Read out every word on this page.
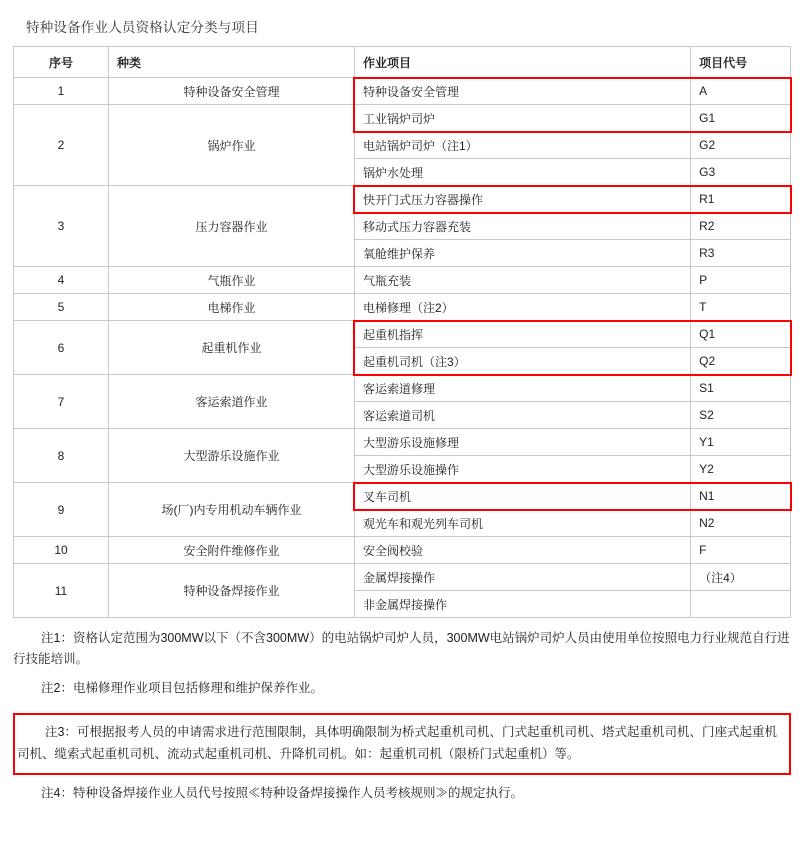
特种设备作业人员资格认定分类与项目
序号	种类	作业项目	项目代号
1	特种设备安全管理	特种设备安全管理	A
2	锅炉作业	工业锅炉司炉	G1
		电站锅炉司炉（注1）	G2
		锅炉水处理	G3
3	压力容器作业	快开门式压力容器操作	R1
		移动式压力容器充装	R2
		氧舱维护保养	R3
4	气瓶作业	气瓶充装	P
5	电梯作业	电梯修理（注2）	T
6	起重机作业	起重机指挥	Q1
		起重机司机（注3）	Q2
7	客运索道作业	客运索道修理	S1
		客运索道司机	S2
8	大型游乐设施作业	大型游乐设施修理	Y1
		大型游乐设施操作	Y2
9	场(厂)内专用机动车辆作业	叉车司机	N1
		观光车和观光列车司机	N2
10	安全附件维修作业	安全阀校验	F
11	特种设备焊接作业	金属焊接操作	（注4）
		非金属焊接操作	
注1：资格认定范围为300MW以下（不含300MW）的电站锅炉司炉人员，300MW电站锅炉司炉人员由使用单位按照电力行业规范自行进行技能培训。
注2：电梯修理作业项目包括修理和维护保养作业。

注3：可根据报考人员的申请需求进行范围限制，具体明确限制为桥式起重机司机、门式起重机司机、塔式起重机司机、门座式起重机司机、缆索式起重机司机、流动式起重机司机、升降机司机。如：起重机司机（限桥门式起重机）等。

注4：特种设备焊接作业人员代号按照≪特种设备焊接操作人员考核规则≫的规定执行。
